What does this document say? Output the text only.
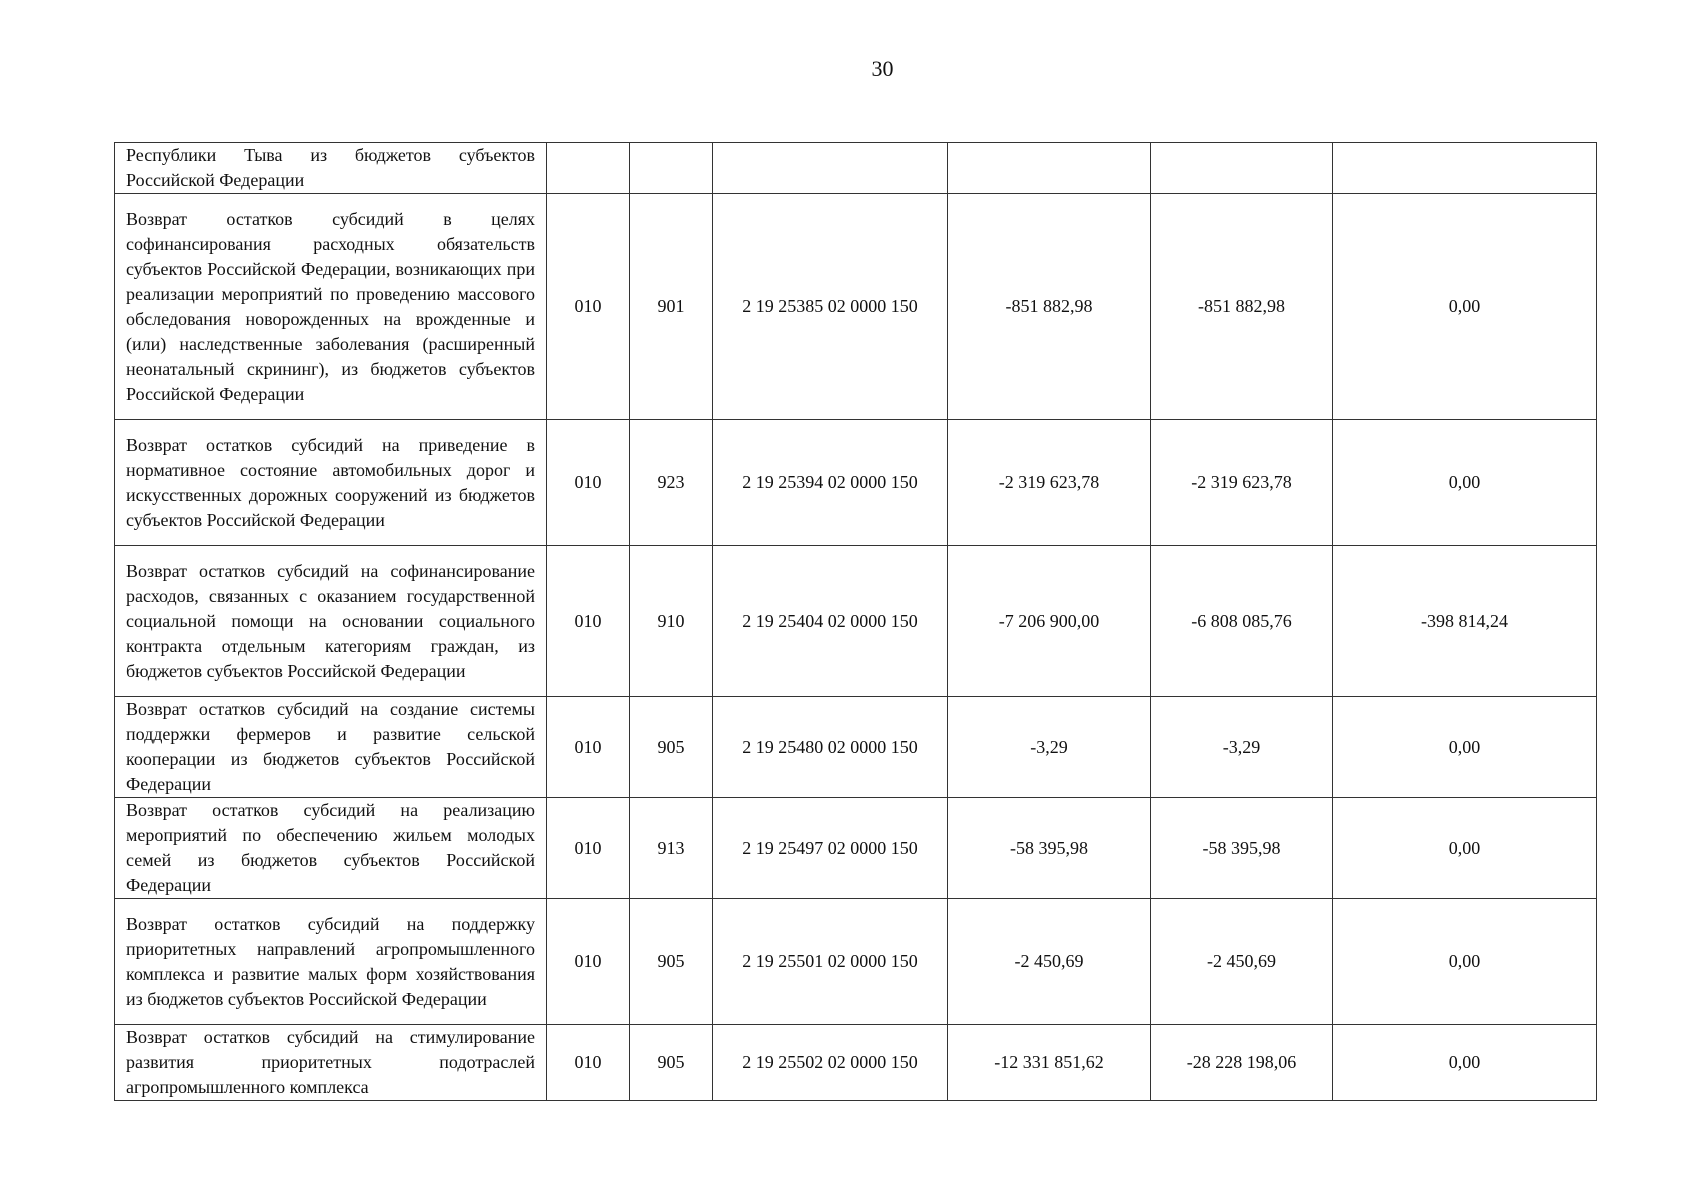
30
Республики Тыва из бюджетов субъектов Российской Федерации						
Возврат остатков субсидий в целях софинансирования расходных обязательств субъектов Российской Федерации, возникающих при реализации мероприятий по проведению массового обследования новорожденных на врожденные и (или) наследственные заболевания (расширенный неонатальный скрининг), из бюджетов субъектов Российской Федерации	010	901	2 19 25385 02 0000 150	-851 882,98	-851 882,98	0,00
Возврат остатков субсидий на приведение в нормативное состояние автомобильных дорог и искусственных дорожных сооружений из бюджетов субъектов Российской Федерации	010	923	2 19 25394 02 0000 150	-2 319 623,78	-2 319 623,78	0,00
Возврат остатков субсидий на софинансирование расходов, связанных с оказанием государственной социальной помощи на основании социального контракта отдельным категориям граждан, из бюджетов субъектов Российской Федерации	010	910	2 19 25404 02 0000 150	-7 206 900,00	-6 808 085,76	-398 814,24
Возврат остатков субсидий на создание системы поддержки фермеров и развитие сельской кооперации из бюджетов субъектов Российской Федерации	010	905	2 19 25480 02 0000 150	-3,29	-3,29	0,00
Возврат остатков субсидий на реализацию мероприятий по обеспечению жильем молодых семей из бюджетов субъектов Российской Федерации	010	913	2 19 25497 02 0000 150	-58 395,98	-58 395,98	0,00
Возврат остатков субсидий на поддержку приоритетных направлений агропромышленного комплекса и развитие малых форм хозяйствования из бюджетов субъектов Российской Федерации	010	905	2 19 25501 02 0000 150	-2 450,69	-2 450,69	0,00
Возврат остатков субсидий на стимулирование развития приоритетных подотраслей агропромышленного комплекса	010	905	2 19 25502 02 0000 150	-12 331 851,62	-28 228 198,06	0,00
